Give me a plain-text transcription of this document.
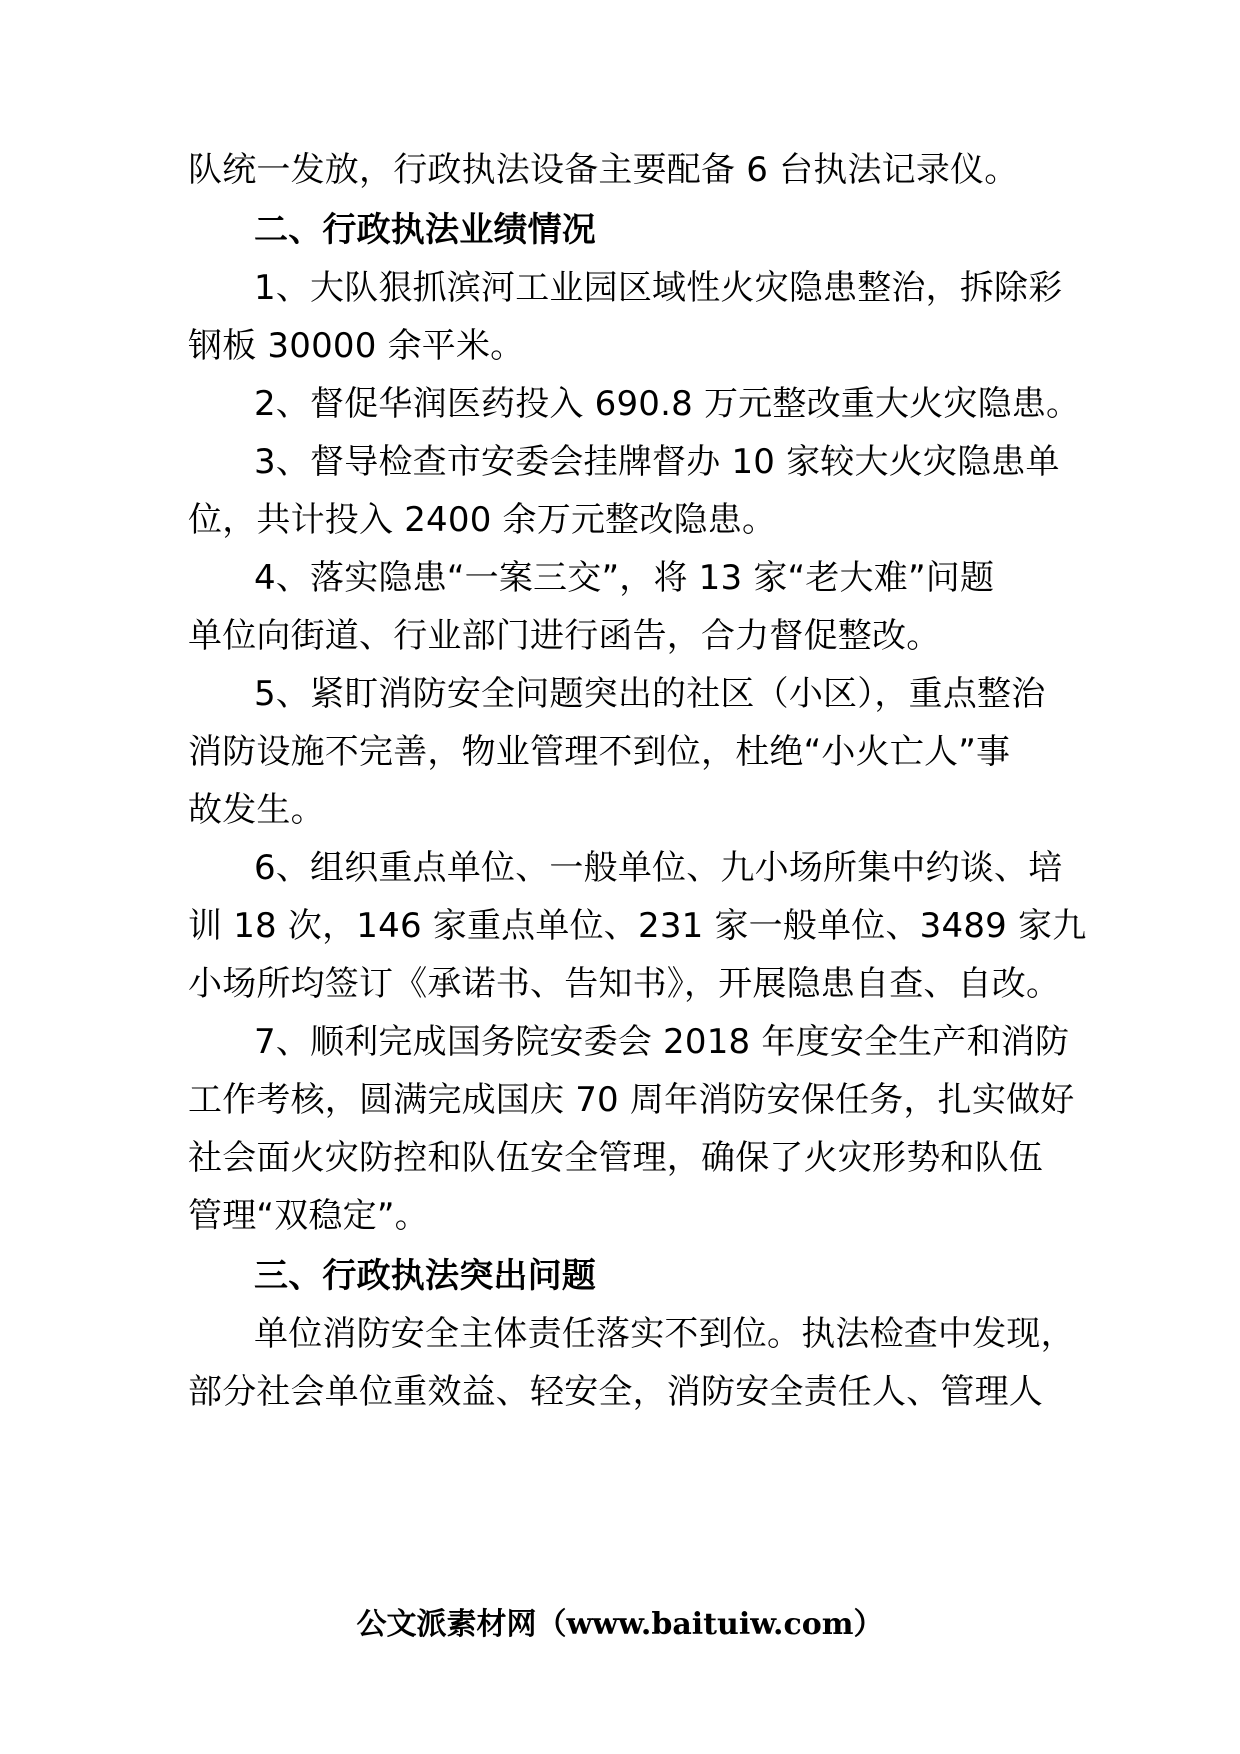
队统一发放，行政执法设备主要配备 6 台执法记录仪。
二、行政执法业绩情况
1、大队狠抓滨河工业园区域性火灾隐患整治，拆除彩
钢板 30000 余平米。
2、督促华润医药投入 690.8 万元整改重大火灾隐患。
3、督导检查市安委会挂牌督办 10 家较大火灾隐患单
位，共计投入 2400 余万元整改隐患。
4、落实隐患“一案三交”，将 13 家“老大难”问题
单位向街道、行业部门进行函告，合力督促整改。
5、紧盯消防安全问题突出的社区（小区），重点整治
消防设施不完善，物业管理不到位，杜绝“小火亡人”事
故发生。
6、组织重点单位、一般单位、九小场所集中约谈、培
训 18 次，146 家重点单位、231 家一般单位、3489 家九
小场所均签订《承诺书、告知书》，开展隐患自查、自改。
7、顺利完成国务院安委会 2018 年度安全生产和消防
工作考核，圆满完成国庆 70 周年消防安保任务，扎实做好
社会面火灾防控和队伍安全管理，确保了火灾形势和队伍
管理“双稳定”。
三、行政执法突出问题
单位消防安全主体责任落实不到位。执法检查中发现，
部分社会单位重效益、轻安全，消防安全责任人、管理人
公文派素材网（www.baituiw.com）
